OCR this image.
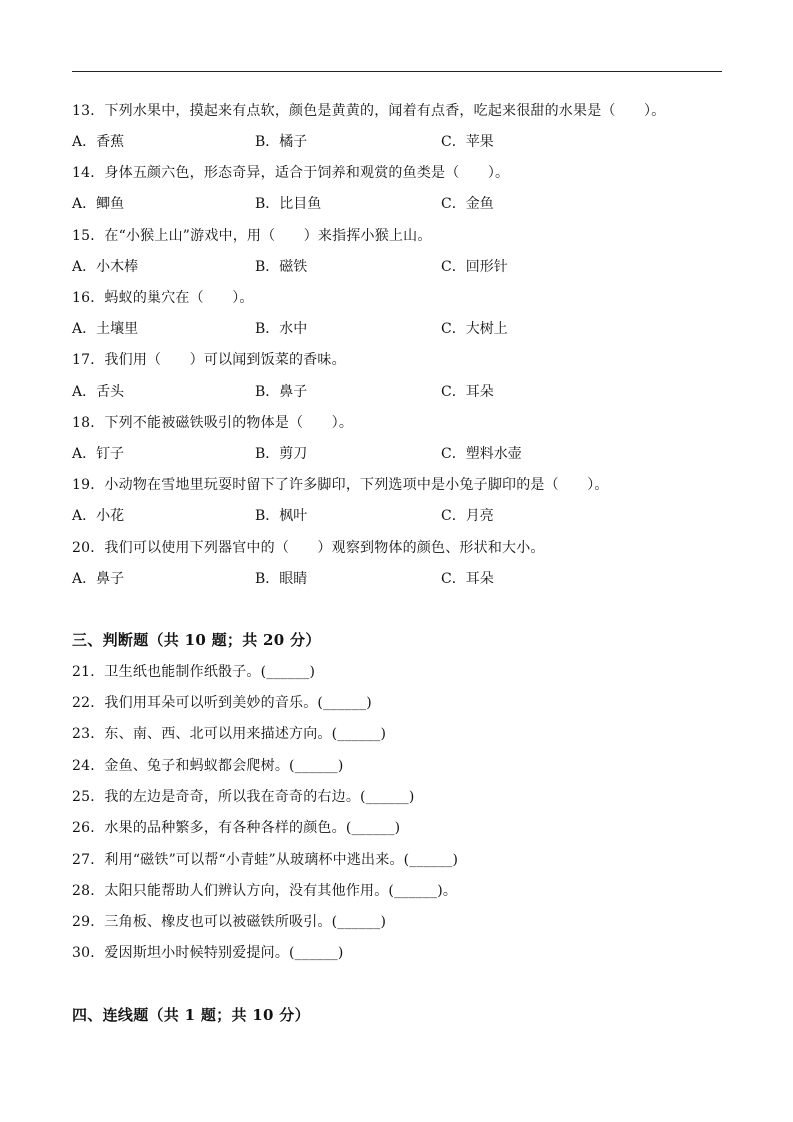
13．下列水果中，摸起来有点软，颜色是黄黄的，闻着有点香，吃起来很甜的水果是（　　）。
A．香蕉	B．橘子	C．苹果
14．身体五颜六色，形态奇异，适合于饲养和观赏的鱼类是（　　）。
A．鲫鱼	B．比目鱼	C．金鱼
15．在“小猴上山”游戏中，用（　　）来指挥小猴上山。
A．小木棒	B．磁铁	C．回形针
16．蚂蚁的巢穴在（　　）。
A．土壤里	B．水中	C．大树上
17．我们用（　　）可以闻到饭菜的香味。
A．舌头	B．鼻子	C．耳朵
18．下列不能被磁铁吸引的物体是（　　）。
A．钉子	B．剪刀	C．塑料水壶
19．小动物在雪地里玩耍时留下了许多脚印，下列选项中是小兔子脚印的是（　　）。
A．小花	B．枫叶	C．月亮
20．我们可以使用下列器官中的（　　）观察到物体的颜色、形状和大小。
A．鼻子	B．眼睛	C．耳朵
三、判断题（共 10 题；共 20 分）
21．卫生纸也能制作纸骰子。(______)
22．我们用耳朵可以听到美妙的音乐。(______)
23．东、南、西、北可以用来描述方向。(______)
24．金鱼、兔子和蚂蚁都会爬树。(______)
25．我的左边是奇奇，所以我在奇奇的右边。(______)
26．水果的品种繁多，有各种各样的颜色。(______)
27．利用“磁铁”可以帮“小青蛙”从玻璃杯中逃出来。(______)
28．太阳只能帮助人们辨认方向，没有其他作用。(______)。
29．三角板、橡皮也可以被磁铁所吸引。(______)
30．爱因斯坦小时候特别爱提问。(______)
四、连线题（共 1 题；共 10 分）
